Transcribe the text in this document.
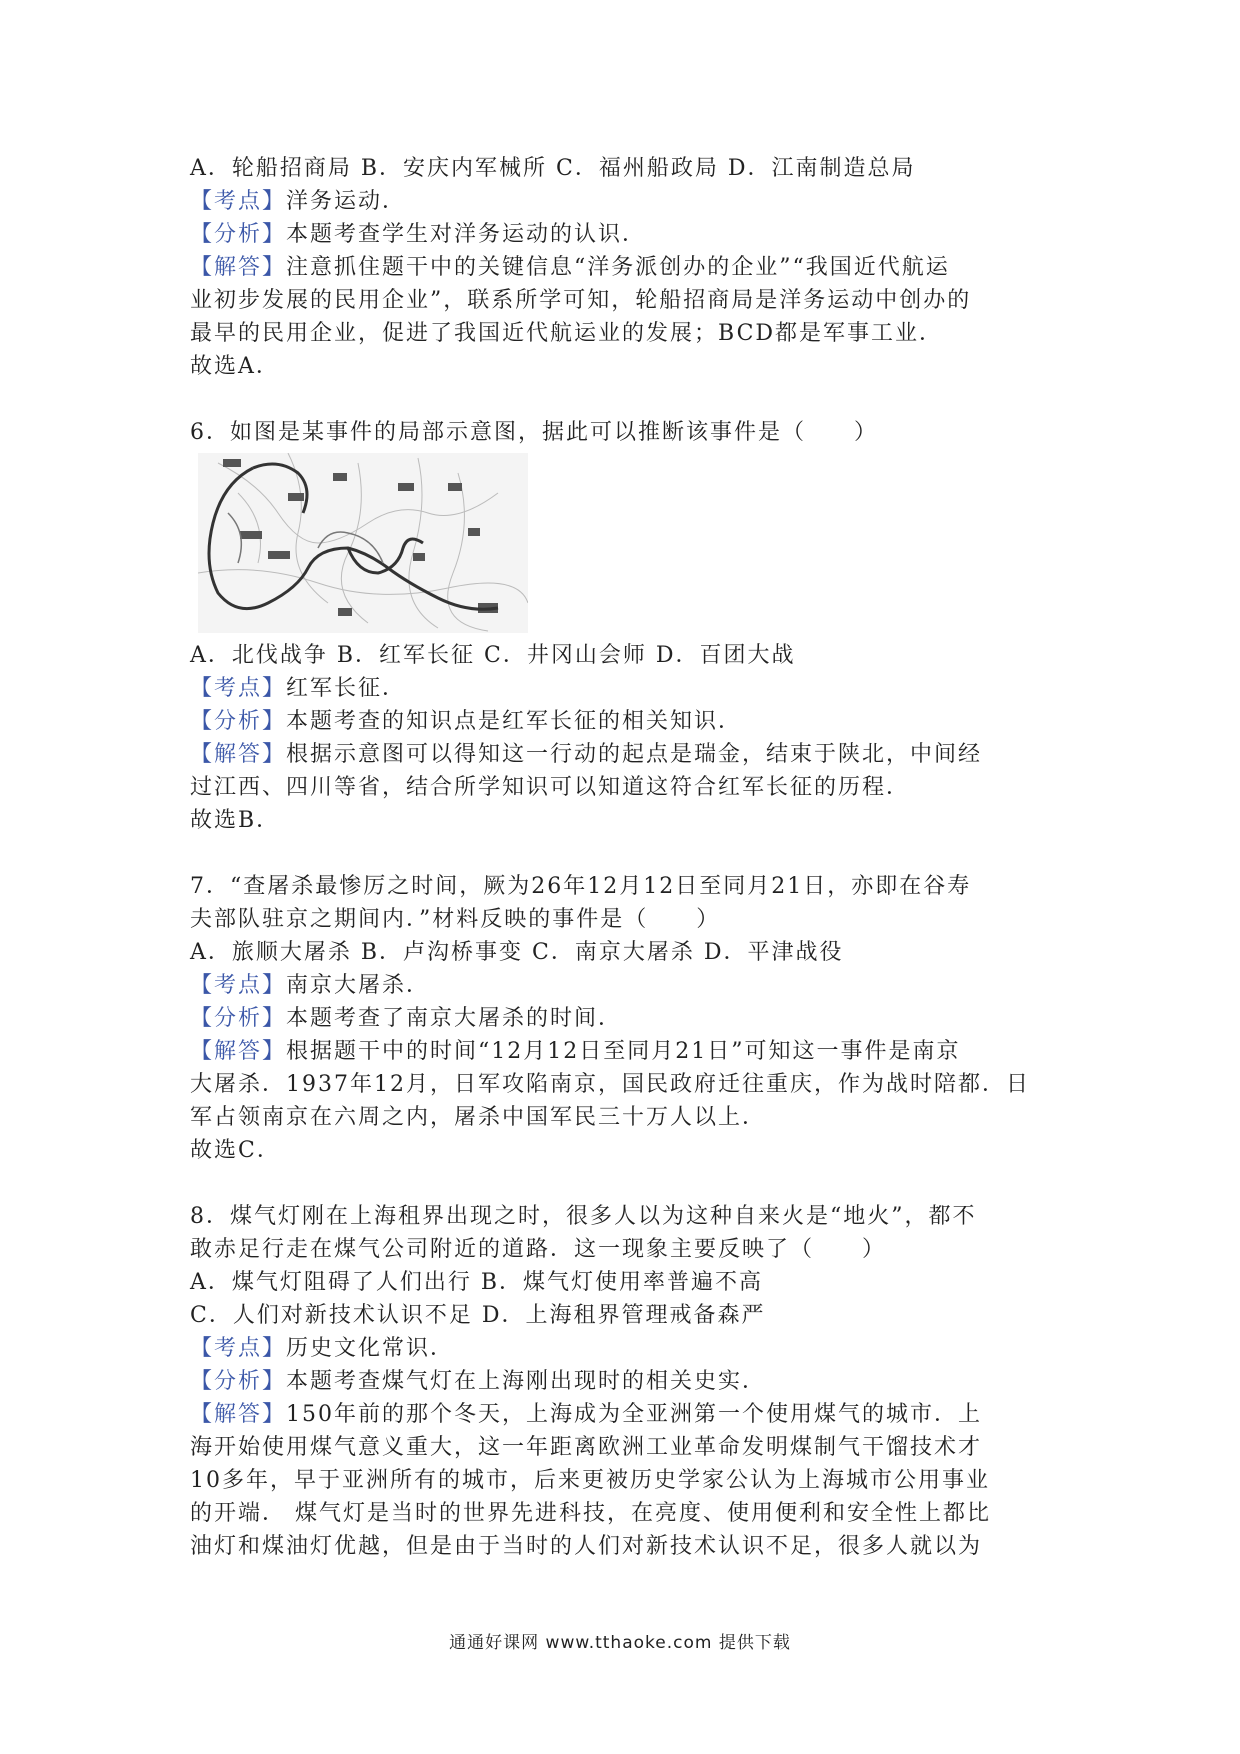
A．轮船招商局 B．安庆内军械所 C．福州船政局 D．江南制造总局
【考点】洋务运动．
【分析】本题考查学生对洋务运动的认识．
【解答】注意抓住题干中的关键信息“洋务派创办的企业”“我国近代航运
业初步发展的民用企业”，联系所学可知，轮船招商局是洋务运动中创办的
最早的民用企业，促进了我国近代航运业的发展；BCD都是军事工业．
故选A．
6．如图是某事件的局部示意图，据此可以推断该事件是（　　）
A．北伐战争 B．红军长征 C．井冈山会师 D．百团大战
【考点】红军长征．
【分析】本题考查的知识点是红军长征的相关知识．
【解答】根据示意图可以得知这一行动的起点是瑞金，结束于陕北，中间经
过江西、四川等省，结合所学知识可以知道这符合红军长征的历程．
故选B．
7．“查屠杀最惨厉之时间，厥为26年12月12日至同月21日，亦即在谷寿
夫部队驻京之期间内．”材料反映的事件是（　　）
A．旅顺大屠杀 B．卢沟桥事变 C．南京大屠杀 D．平津战役
【考点】南京大屠杀．
【分析】本题考查了南京大屠杀的时间．
【解答】根据题干中的时间“12月12日至同月21日”可知这一事件是南京
大屠杀．1937年12月，日军攻陷南京，国民政府迁往重庆，作为战时陪都．日
军占领南京在六周之内，屠杀中国军民三十万人以上．
故选C．
8．煤气灯刚在上海租界出现之时，很多人以为这种自来火是“地火”，都不
敢赤足行走在煤气公司附近的道路．这一现象主要反映了（　　）
A．煤气灯阻碍了人们出行 B．煤气灯使用率普遍不高
C．人们对新技术认识不足 D．上海租界管理戒备森严
【考点】历史文化常识．
【分析】本题考查煤气灯在上海刚出现时的相关史实．
【解答】150年前的那个冬天，上海成为全亚洲第一个使用煤气的城市．上
海开始使用煤气意义重大，这一年距离欧洲工业革命发明煤制气干馏技术才
10多年，早于亚洲所有的城市，后来更被历史学家公认为上海城市公用事业
的开端． 煤气灯是当时的世界先进科技，在亮度、使用便利和安全性上都比
油灯和煤油灯优越，但是由于当时的人们对新技术认识不足，很多人就以为
通通好课网 www.tthaoke.com 提供下载
